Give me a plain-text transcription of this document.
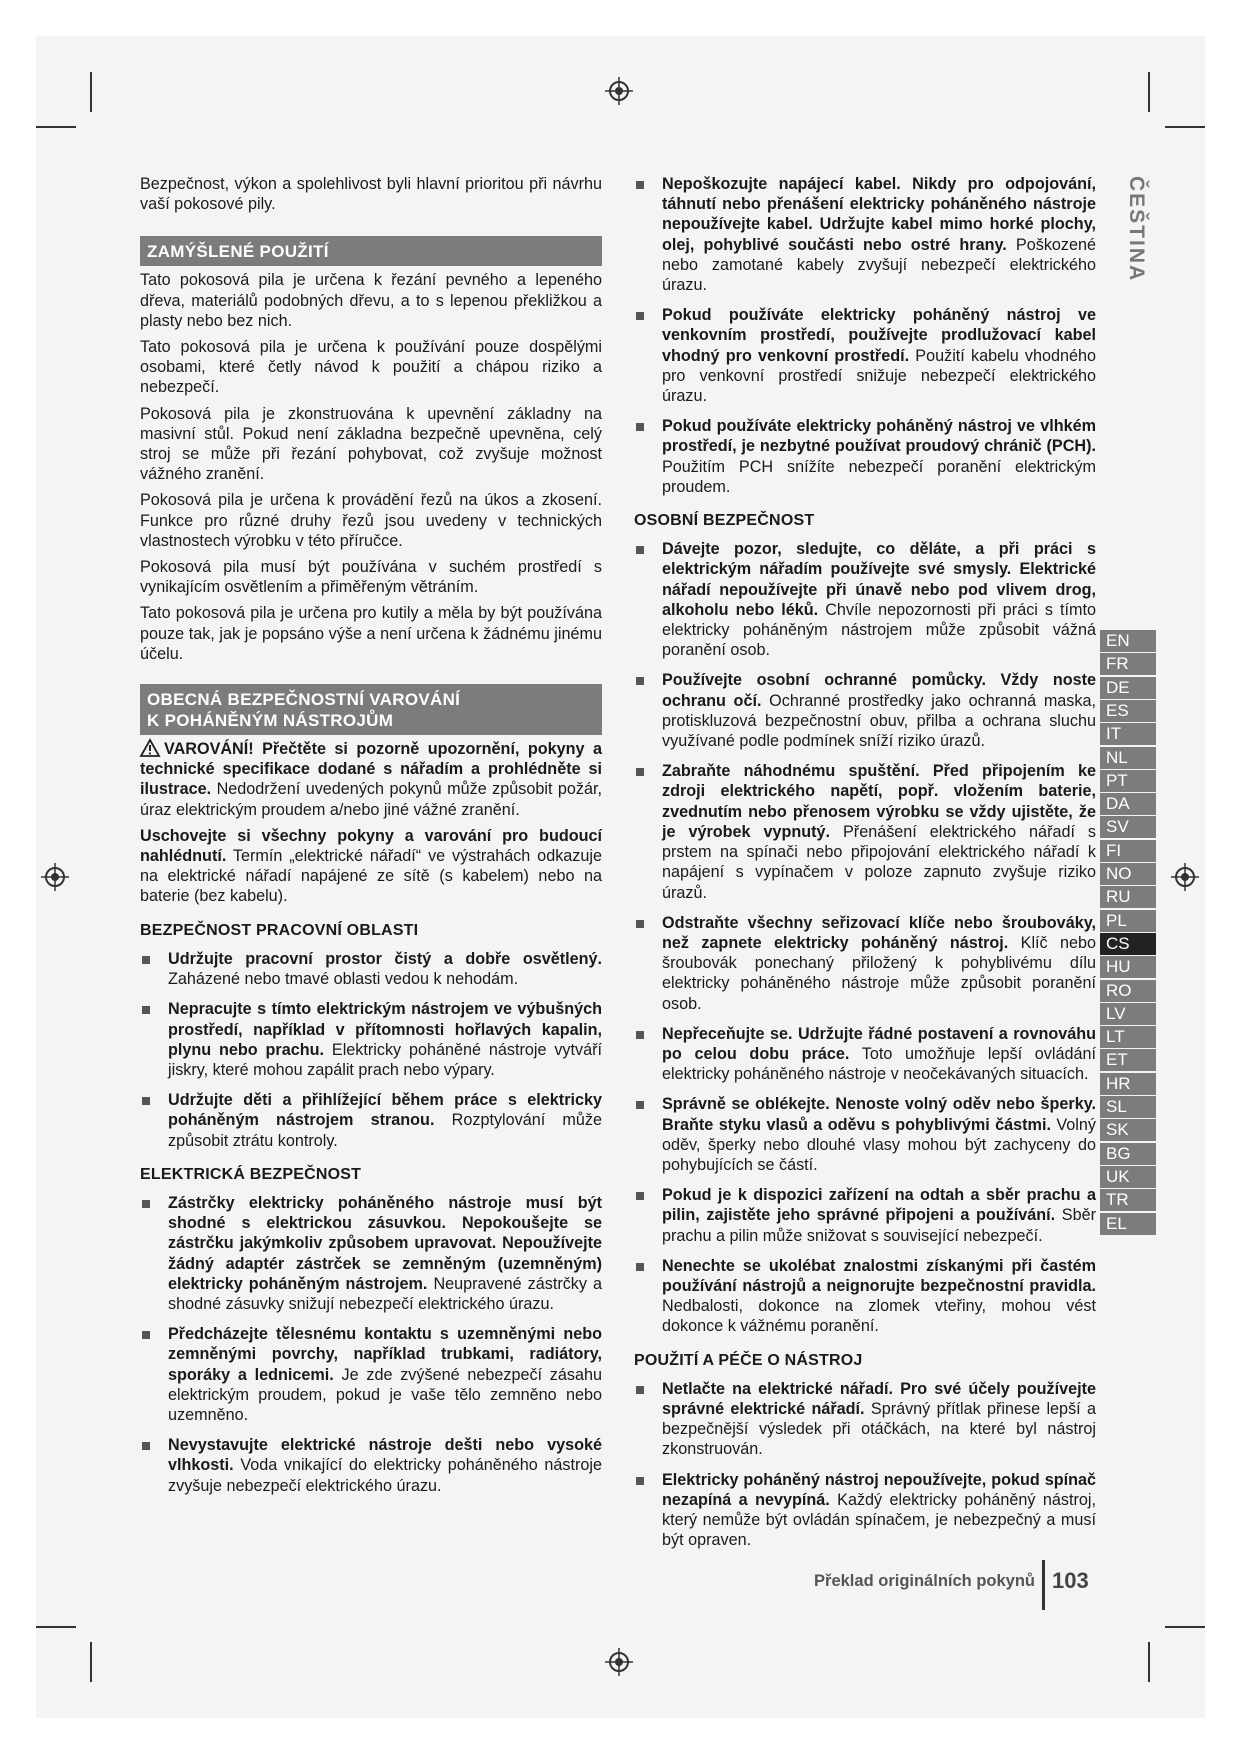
ČEŠTINA

Bezpečnost, výkon a spolehlivost byli hlavní prioritou při návrhu vaší pokosové pily.

ZAMÝŠLENÉ POUŽITÍ

Tato pokosová pila je určena k řezání pevného a lepeného dřeva, materiálů podobných dřevu, a to s lepenou překližkou a plasty nebo bez nich.

Tato pokosová pila je určena k používání pouze dospělými osobami, které četly návod k použití a chápou riziko a nebezpečí.

Pokosová pila je zkonstruována k upevnění základny na masivní stůl. Pokud není základna bezpečně upevněna, celý stroj se může při řezání pohybovat, což zvyšuje možnost vážného zranění.

Pokosová pila je určena k provádění řezů na úkos a zkosení. Funkce pro různé druhy řezů jsou uvedeny v technických vlastnostech výrobku v této příručce.

Pokosová pila musí být používána v suchém prostředí s vynikajícím osvětlením a přiměřeným větráním.

Tato pokosová pila je určena pro kutily a měla by být používána pouze tak, jak je popsáno výše a není určena k žádnému jinému účelu.

OBECNÁ BEZPEČNOSTNÍ VAROVÁNÍ
K POHÁNĚNÝM NÁSTROJŮM

VAROVÁNÍ! Přečtěte si pozorně upozornění, pokyny a technické specifikace dodané s nářadím a prohlédněte si ilustrace. Nedodržení uvedených pokynů může způsobit požár, úraz elektrickým proudem a/nebo jiné vážné zranění.

Uschovejte si všechny pokyny a varování pro budoucí nahlédnutí. Termín „elektrické nářadí“ ve výstrahách odkazuje na elektrické nářadí napájené ze sítě (s kabelem) nebo na baterie (bez kabelu).

BEZPEČNOST PRACOVNÍ OBLASTI
Udržujte pracovní prostor čistý a dobře osvětlený. Zaházené nebo tmavé oblasti vedou k nehodám.
Nepracujte s tímto elektrickým nástrojem ve výbušných prostředí, například v přítomnosti hořlavých kapalin, plynu nebo prachu. Elektricky poháněné nástroje vytváří jiskry, které mohou zapálit prach nebo výpary.
Udržujte děti a přihlížející během práce s elektricky poháněným nástrojem stranou. Rozptylování může způsobit ztrátu kontroly.
ELEKTRICKÁ BEZPEČNOST
Zástrčky elektricky poháněného nástroje musí být shodné s elektrickou zásuvkou. Nepokoušejte se zástrčku jakýmkoliv způsobem upravovat. Nepoužívejte žádný adaptér zástrček se zemněným (uzemněným) elektricky poháněným nástrojem. Neupravené zástrčky a shodné zásuvky snižují nebezpečí elektrického úrazu.
Předcházejte tělesnému kontaktu s uzemněnými nebo zemněnými povrchy, například trubkami, radiátory, sporáky a lednicemi. Je zde zvýšené nebezpečí zásahu elektrickým proudem, pokud je vaše tělo zemněno nebo uzemněno.
Nevystavujte elektrické nástroje dešti nebo vysoké vlhkosti. Voda vnikající do elektricky poháněného nástroje zvyšuje nebezpečí elektrického úrazu.
Nepoškozujte napájecí kabel. Nikdy pro odpojování, táhnutí nebo přenášení elektricky poháněného nástroje nepoužívejte kabel. Udržujte kabel mimo horké plochy, olej, pohyblivé součásti nebo ostré hrany. Poškozené nebo zamotané kabely zvyšují nebezpečí elektrického úrazu.
Pokud používáte elektricky poháněný nástroj ve venkovním prostředí, používejte prodlužovací kabel vhodný pro venkovní prostředí. Použití kabelu vhodného pro venkovní prostředí snižuje nebezpečí elektrického úrazu.
Pokud používáte elektricky poháněný nástroj ve vlhkém prostředí, je nezbytné používat proudový chránič (PCH). Použitím PCH snížíte nebezpečí poranění elektrickým proudem.
OSOBNÍ BEZPEČNOST
Dávejte pozor, sledujte, co děláte, a při práci s elektrickým nářadím používejte své smysly. Elektrické nářadí nepoužívejte při únavě nebo pod vlivem drog, alkoholu nebo léků. Chvíle nepozornosti při práci s tímto elektricky poháněným nástrojem může způsobit vážná poranění osob.
Používejte osobní ochranné pomůcky. Vždy noste ochranu očí. Ochranné prostředky jako ochranná maska, protiskluzová bezpečnostní obuv, přilba a ochrana sluchu využívané podle podmínek sníží riziko úrazů.
Zabraňte náhodnému spuštění. Před připojením ke zdroji elektrického napětí, popř. vložením baterie, zvednutím nebo přenosem výrobku se vždy ujistěte, že je výrobek vypnutý. Přenášení elektrického nářadí s prstem na spínači nebo připojování elektrického nářadí k napájení s vypínačem v poloze zapnuto zvyšuje riziko úrazů.
Odstraňte všechny seřizovací klíče nebo šroubováky, než zapnete elektricky poháněný nástroj. Klíč nebo šroubovák ponechaný přiložený k pohyblivému dílu elektricky poháněného nástroje může způsobit poranění osob.
Nepřeceňujte se. Udržujte řádné postavení a rovnováhu po celou dobu práce. Toto umožňuje lepší ovládání elektricky poháněného nástroje v neočekávaných situacích.
Správně se oblékejte. Nenoste volný oděv nebo šperky. Braňte styku vlasů a oděvu s pohyblivými částmi. Volný oděv, šperky nebo dlouhé vlasy mohou být zachyceny do pohybujících se částí.
Pokud je k dispozici zařízení na odtah a sběr prachu a pilin, zajistěte jeho správné připojeni a používání. Sběr prachu a pilin může snižovat s související nebezpečí.
Nenechte se ukolébat znalostmi získanými při častém používání nástrojů a neignorujte bezpečnostní pravidla. Nedbalosti, dokonce na zlomek vteřiny, mohou vést dokonce k vážnému poranění.
POUŽITÍ A PÉČE O NÁSTROJ
Netlačte na elektrické nářadí. Pro své účely používejte správné elektrické nářadí. Správný přítlak přinese lepší a bezpečnější výsledek při otáčkách, na které byl nástroj zkonstruován.
Elektricky poháněný nástroj nepoužívejte, pokud spínač nezapíná a nevypíná. Každý elektricky poháněný nástroj, který nemůže být ovládán spínačem, je nebezpečný a musí být opraven.
EN
FR
DE
ES
IT
NL
PT
DA
SV
FI
NO
RU
PL
CS
HU
RO
LV
LT
ET
HR
SL
SK
BG
UK
TR
EL
Překlad originálních pokynů 103
